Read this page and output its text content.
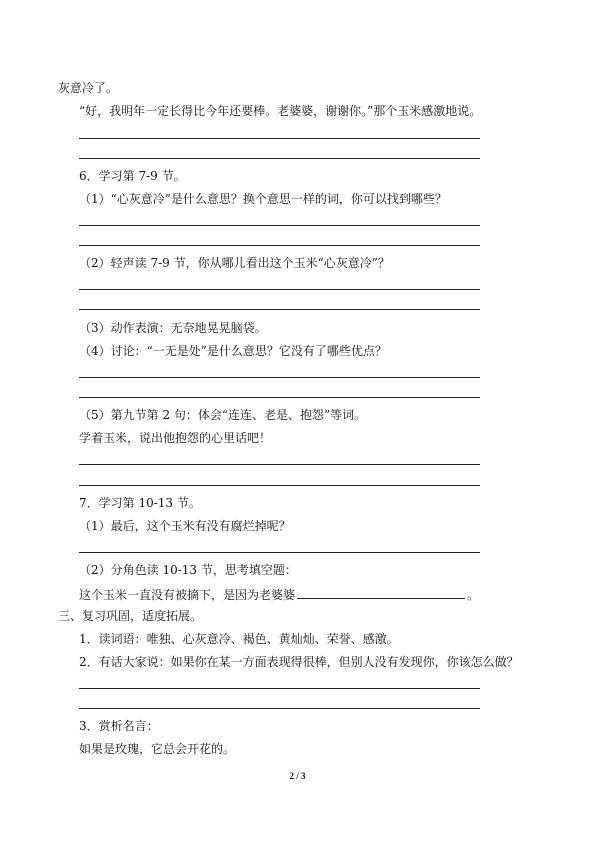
灰意冷了。
“好，我明年一定长得比今年还要棒。老婆婆，谢谢你。”那个玉米感激地说。
6．学习第 7-9 节。
（1）“心灰意冷”是什么意思？换个意思一样的词，你可以找到哪些？
（2）轻声读 7-9 节，你从哪儿看出这个玉米“心灰意冷”？
（3）动作表演：无奈地晃晃脑袋。
（4）讨论：“一无是处”是什么意思？它没有了哪些优点？
（5）第九节第 2 句：体会“连连、老是、抱怨”等词。
学着玉米，说出他抱怨的心里话吧！
7．学习第 10-13 节。
（1）最后，这个玉米有没有腐烂掉呢？
（2）分角色读 10-13 节，思考填空题：
这个玉米一直没有被摘下，是因为老婆婆	。
三、复习巩固，适度拓展。
1．读词语：唯独、心灰意冷、褐色、黄灿灿、荣誉、感激。
2．有话大家说：如果你在某一方面表现得很棒，但别人没有发现你，你该怎么做？
3．赏析名言：
如果是玫瑰，它总会开花的。
2 / 3
